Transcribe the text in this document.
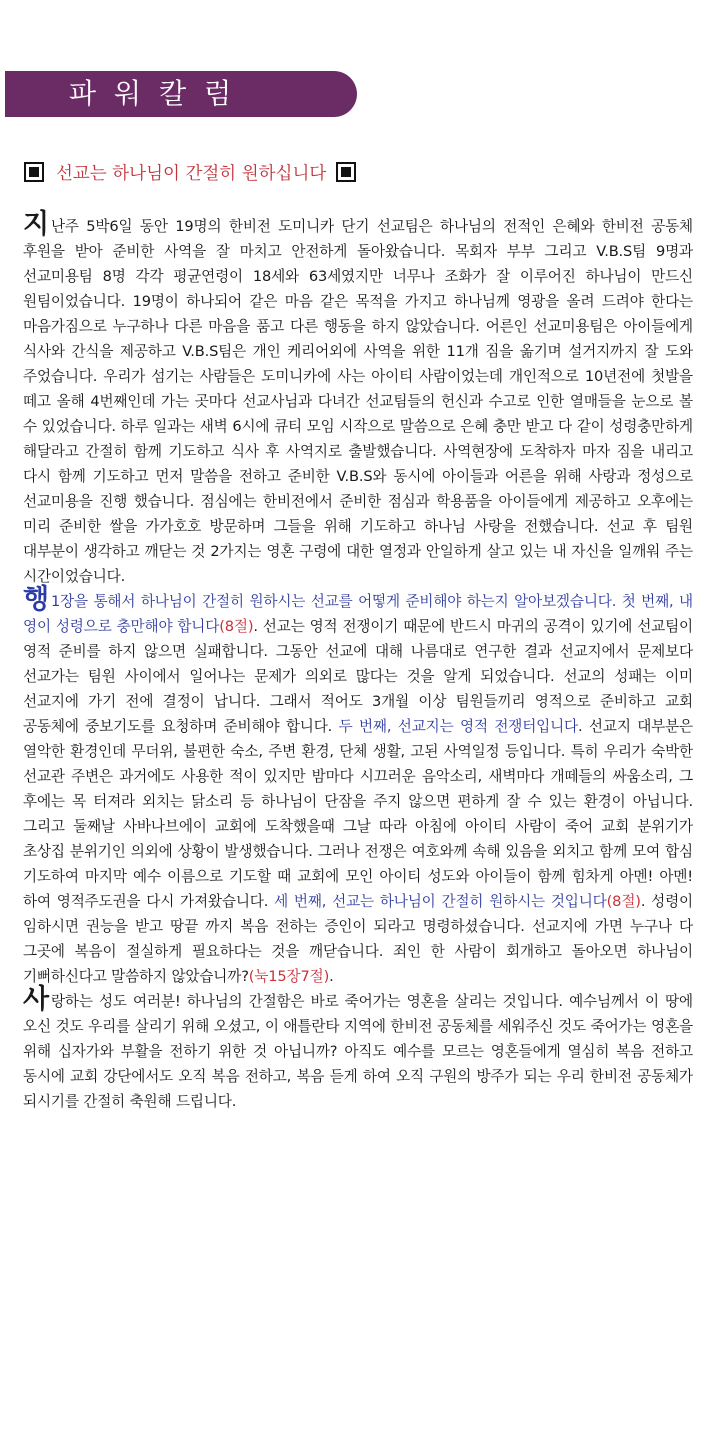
파워칼럼
선교는 하나님이 간절히 원하십니다

지난주 5박6일 동안 19명의 한비전 도미니카 단기 선교팀은 하나님의 전적인 은혜와 한비전 공동체 후원을 받아 준비한 사역을 잘 마치고 안전하게 돌아왔습니다. 목회자 부부 그리고 V.B.S팀 9명과 선교미용팀 8명 각각 평균연령이 18세와 63세였지만 너무나 조화가 잘 이루어진 하나님이 만드신 원팀이었습니다. 19명이 하나되어 같은 마음 같은 목적을 가지고 하나님께 영광을 올려 드려야 한다는 마음가짐으로 누구하나 다른 마음을 품고 다른 행동을 하지 않았습니다. 어른인 선교미용팀은 아이들에게 식사와 간식을 제공하고 V.B.S팀은 개인 케리어외에 사역을 위한 11개 짐을 옮기며 설거지까지 잘 도와 주었습니다. 우리가 섬기는 사람들은 도미니카에 사는 아이티 사람이었는데 개인적으로 10년전에 첫발을 떼고 올해 4번째인데 가는 곳마다 선교사님과 다녀간 선교팀들의 헌신과 수고로 인한 열매들을 눈으로 볼 수 있었습니다. 하루 일과는 새벽 6시에 큐티 모임 시작으로 말씀으로 은혜 충만 받고 다 같이 성령충만하게 해달라고 간절히 함께 기도하고 식사 후 사역지로 출발했습니다. 사역현장에 도착하자 마자 짐을 내리고 다시 함께 기도하고 먼저 말씀을 전하고 준비한 V.B.S와 동시에 아이들과 어른을 위해 사랑과 정성으로 선교미용을 진행 했습니다. 점심에는 한비전에서 준비한 점심과 학용품을 아이들에게 제공하고 오후에는 미리 준비한 쌀을 가가호호 방문하며 그들을 위해 기도하고 하나님 사랑을 전했습니다. 선교 후 팀원 대부분이 생각하고 깨닫는 것 2가지는 영혼 구령에 대한 열정과 안일하게 살고 있는 내 자신을 일깨워 주는 시간이었습니다.

행 1장을 통해서 하나님이 간절히 원하시는 선교를 어떻게 준비해야 하는지 알아보겠습니다. 첫 번째, 내 영이 성령으로 충만해야 합니다(8절). 선교는 영적 전쟁이기 때문에 반드시 마귀의 공격이 있기에 선교팀이 영적 준비를 하지 않으면 실패합니다. 그동안 선교에 대해 나름대로 연구한 결과 선교지에서 문제보다 선교가는 팀원 사이에서 일어나는 문제가 의외로 많다는 것을 알게 되었습니다. 선교의 성패는 이미 선교지에 가기 전에 결정이 납니다. 그래서 적어도 3개월 이상 팀원들끼리 영적으로 준비하고 교회 공동체에 중보기도를 요청하며 준비해야 합니다. 두 번째, 선교지는 영적 전쟁터입니다. 선교지 대부분은 열악한 환경인데 무더위, 불편한 숙소, 주변 환경, 단체 생활, 고된 사역일정 등입니다. 특히 우리가 숙박한 선교관 주변은 과거에도 사용한 적이 있지만 밤마다 시끄러운 음악소리, 새벽마다 개떼들의 싸움소리, 그 후에는 목 터져라 외치는 닭소리 등 하나님이 단잠을 주지 않으면 편하게 잘 수 있는 환경이 아닙니다. 그리고 둘째날 사바나브에이 교회에 도착했을때 그날 따라 아침에 아이티 사람이 죽어 교회 분위기가 초상집 분위기인 의외에 상황이 발생했습니다. 그러나 전쟁은 여호와께 속해 있음을 외치고 함께 모여 합심 기도하여 마지막 예수 이름으로 기도할 때 교회에 모인 아이티 성도와 아이들이 함께 힘차게 아멘! 아멘! 하여 영적주도권을 다시 가져왔습니다. 세 번째, 선교는 하나님이 간절히 원하시는 것입니다(8절). 성령이 임하시면 권능을 받고 땅끝 까지 복음 전하는 증인이 되라고 명령하셨습니다. 선교지에 가면 누구나 다 그곳에 복음이 절실하게 필요하다는 것을 깨닫습니다. 죄인 한 사람이 회개하고 돌아오면 하나님이 기뻐하신다고 말씀하지 않았습니까?(눅15장7절).

사랑하는 성도 여러분! 하나님의 간절함은 바로 죽어가는 영혼을 살리는 것입니다. 예수님께서 이 땅에 오신 것도 우리를 살리기 위해 오셨고, 이 애틀란타 지역에 한비전 공동체를 세워주신 것도 죽어가는 영혼을 위해 십자가와 부활을 전하기 위한 것 아닙니까? 아직도 예수를 모르는 영혼들에게 열심히 복음 전하고 동시에 교회 강단에서도 오직 복음 전하고, 복음 듣게 하여 오직 구원의 방주가 되는 우리 한비전 공동체가 되시기를 간절히 축원해 드립니다.
